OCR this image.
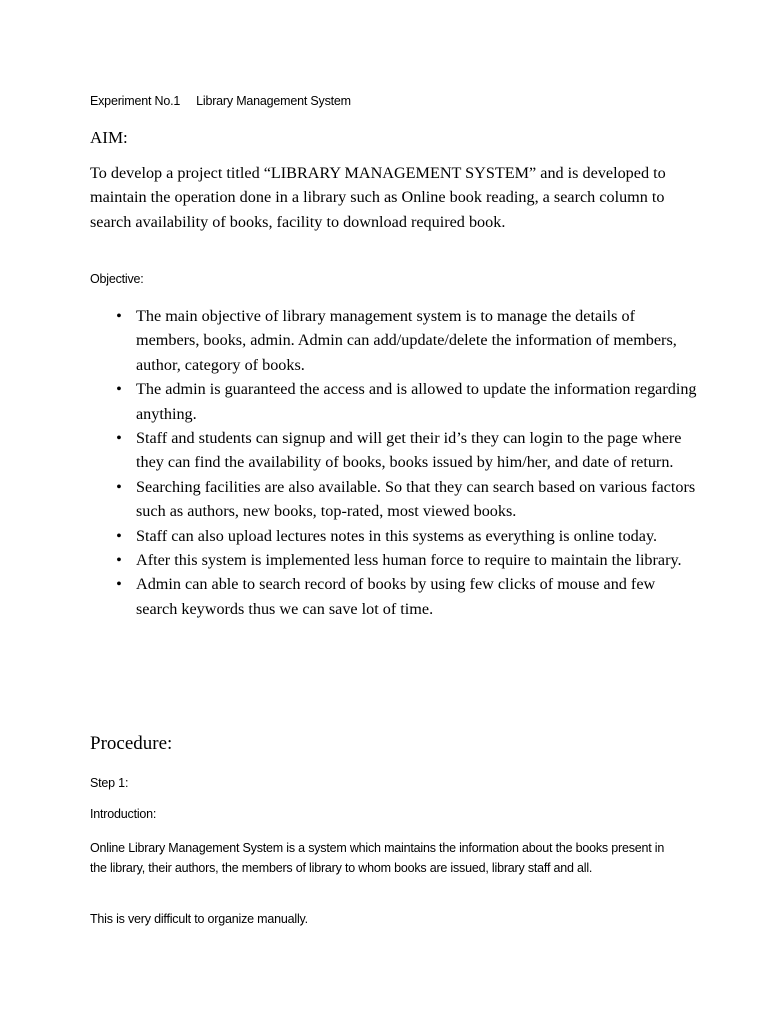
Experiment No.1 Library Management System
AIM:

To develop a project titled “LIBRARY MANAGEMENT SYSTEM” and is developed to maintain the operation done in a library such as Online book reading, a search column to search availability of books, facility to download required book.

Objective:
• The main objective of library management system is to manage the details of members, books, admin. Admin can add/update/delete the information of members, author, category of books.
• The admin is guaranteed the access and is allowed to update the information regarding anything.
• Staff and students can signup and will get their id’s they can login to the page where they can find the availability of books, books issued by him/her, and date of return.
• Searching facilities are also available. So that they can search based on various factors such as authors, new books, top-rated, most viewed books.
• Staff can also upload lectures notes in this systems as everything is online today.
• After this system is implemented less human force to require to maintain the library.
• Admin can able to search record of books by using few clicks of mouse and few search keywords thus we can save lot of time.
Procedure:
Step 1:
Introduction:

Online Library Management System is a system which maintains the information about the books present in the library, their authors, the members of library to whom books are issued, library staff and all.

This is very difficult to organize manually.
